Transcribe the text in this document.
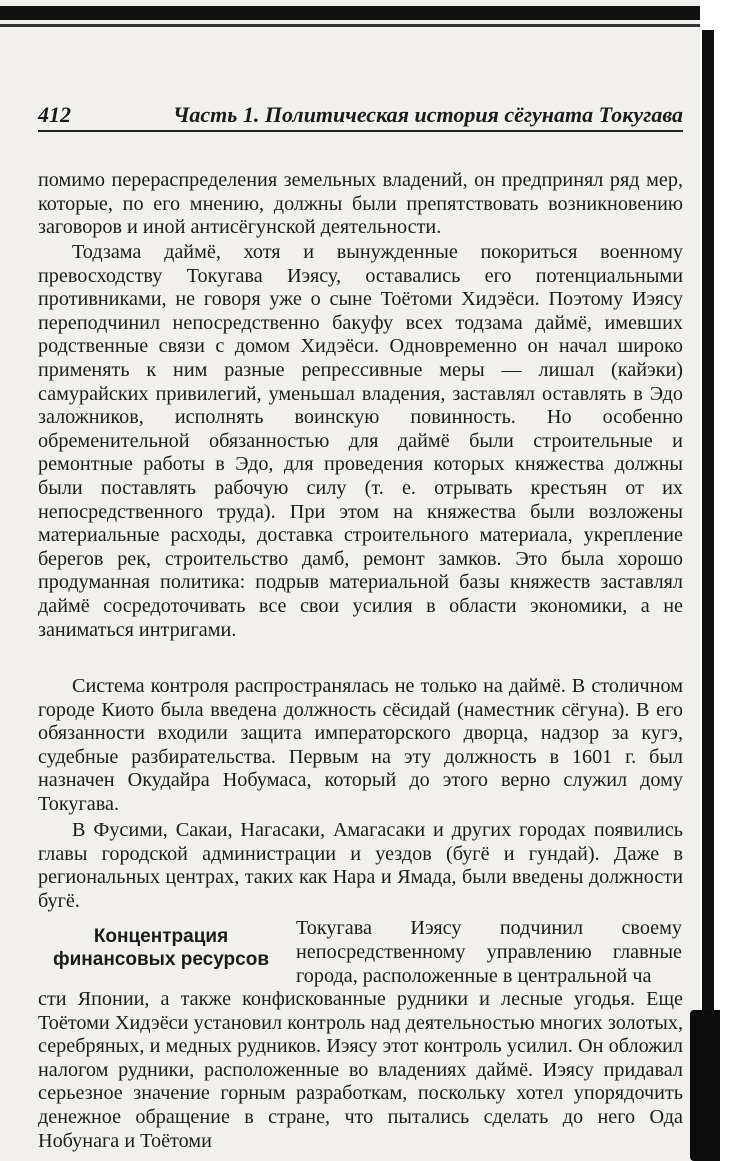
412	Часть 1. Политическая история сёгуната Токугава

помимо перераспределения земельных владений, он предпринял ряд мер, которые, по его мнению, должны были препятствовать возникновению заговоров и иной антисёгунской деятельности.

Тодзама даймё, хотя и вынужденные покориться военному превосходству Токугава Иэясу, оставались его потенциальными противниками, не говоря уже о сыне Тоётоми Хидэёси. Поэтому Иэясу переподчинил непосредственно бакуфу всех тодзама даймё, имевших родственные связи с домом Хидэёси. Одновременно он начал широко применять к ним разные репрессивные меры — лишал (кайэки) самурайских привилегий, уменьшал владения, заставлял оставлять в Эдо заложников, исполнять воинскую повинность. Но особенно обременительной обязанностью для даймё были строительные и ремонтные работы в Эдо, для проведения которых княжества должны были поставлять рабочую силу (т. е. отрывать крестьян от их непосредственного труда). При этом на княжества были возложены материальные расходы, доставка строительного материала, укрепление берегов рек, строительство дамб, ремонт замков. Это была хорошо продуманная политика: подрыв материальной базы княжеств заставлял даймё сосредоточивать все свои усилия в области экономики, а не заниматься интригами.

Система контроля распространялась не только на даймё. В столичном городе Киото была введена должность сёсидай (наместник сёгуна). В его обязанности входили защита императорского дворца, надзор за кугэ, судебные разбирательства. Первым на эту должность в 1601 г. был назначен Окудайра Нобумаса, который до этого верно служил дому Токугава.

В Фусими, Сакаи, Нагасаки, Амагасаки и других городах появились главы городской администрации и уездов (бугё и гундай). Даже в региональных центрах, таких как Нара и Ямада, были введены должности бугё.

Концентрация финансовых ресурсов
Токугава Иэясу подчинил своему непосредственному управлению главные города, расположенные в центральной ча

сти Японии, а также конфискованные рудники и лесные угодья. Еще Тоётоми Хидэёси установил контроль над деятельностью многих золотых, серебряных, и медных рудников. Иэясу этот контроль усилил. Он обложил налогом рудники, расположенные во владениях даймё. Иэясу придавал серьезное значение горным разработкам, поскольку хотел упорядочить денежное обращение в стране, что пытались сделать до него Ода Нобунага и Тоётоми
